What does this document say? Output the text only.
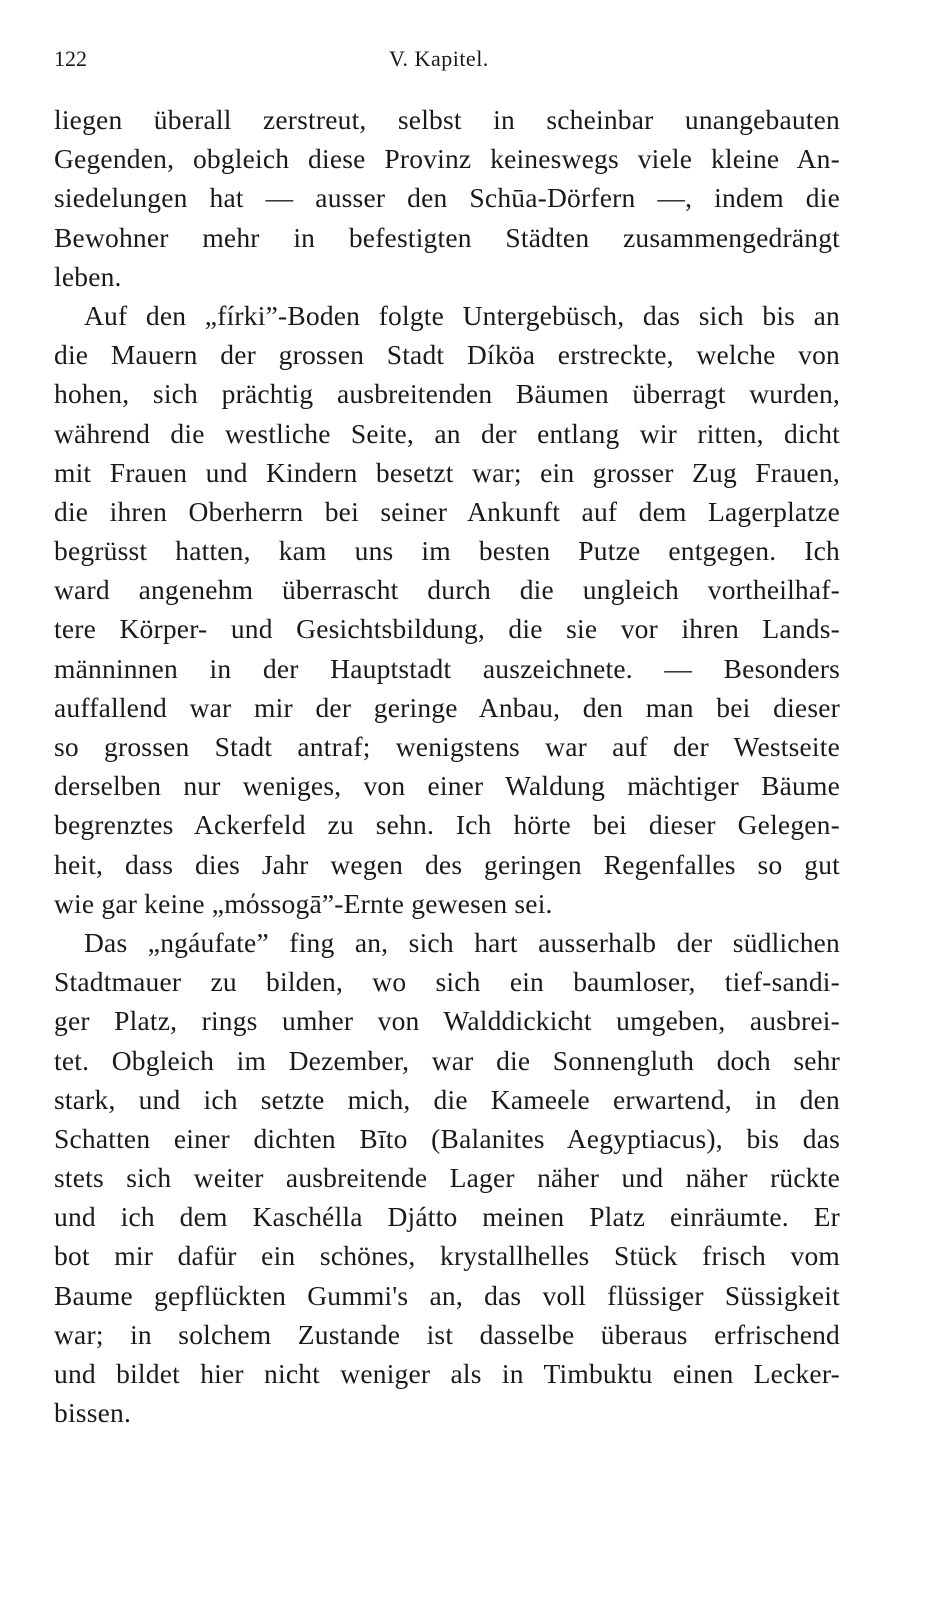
122	V. Kapitel.
liegen überall zerstreut, selbst in scheinbar unangebauten
Gegenden, obgleich diese Provinz keineswegs viele kleine An-
siedelungen hat — ausser den Schūa-Dörfern —, indem die
Bewohner mehr in befestigten Städten zusammengedrängt
leben.
Auf den „fírki”-Boden folgte Untergebüsch, das sich bis an
die Mauern der grossen Stadt Díköa erstreckte, welche von
hohen, sich prächtig ausbreitenden Bäumen überragt wurden,
während die westliche Seite, an der entlang wir ritten, dicht
mit Frauen und Kindern besetzt war; ein grosser Zug Frauen,
die ihren Oberherrn bei seiner Ankunft auf dem Lagerplatze
begrüsst hatten, kam uns im besten Putze entgegen. Ich
ward angenehm überrascht durch die ungleich vortheilhaf-
tere Körper- und Gesichtsbildung, die sie vor ihren Lands-
männinnen in der Hauptstadt auszeichnete. — Besonders
auffallend war mir der geringe Anbau, den man bei dieser
so grossen Stadt antraf; wenigstens war auf der Westseite
derselben nur weniges, von einer Waldung mächtiger Bäume
begrenztes Ackerfeld zu sehn. Ich hörte bei dieser Gelegen-
heit, dass dies Jahr wegen des geringen Regenfalles so gut
wie gar keine „mόssogā”-Ernte gewesen sei.
Das „ngáufate” fing an, sich hart ausserhalb der südlichen
Stadtmauer zu bilden, wo sich ein baumloser, tief-sandi-
ger Platz, rings umher von Walddickicht umgeben, ausbrei-
tet. Obgleich im Dezember, war die Sonnengluth doch sehr
stark, und ich setzte mich, die Kameele erwartend, in den
Schatten einer dichten Bīto (Balanites Aegyptiacus), bis das
stets sich weiter ausbreitende Lager näher und näher rückte
und ich dem Kaschélla Djátto meinen Platz einräumte. Er
bot mir dafür ein schönes, krystallhelles Stück frisch vom
Baume gepflückten Gummi's an, das voll flüssiger Süssigkeit
war; in solchem Zustande ist dasselbe überaus erfrischend
und bildet hier nicht weniger als in Timbuktu einen Lecker-
bissen.
